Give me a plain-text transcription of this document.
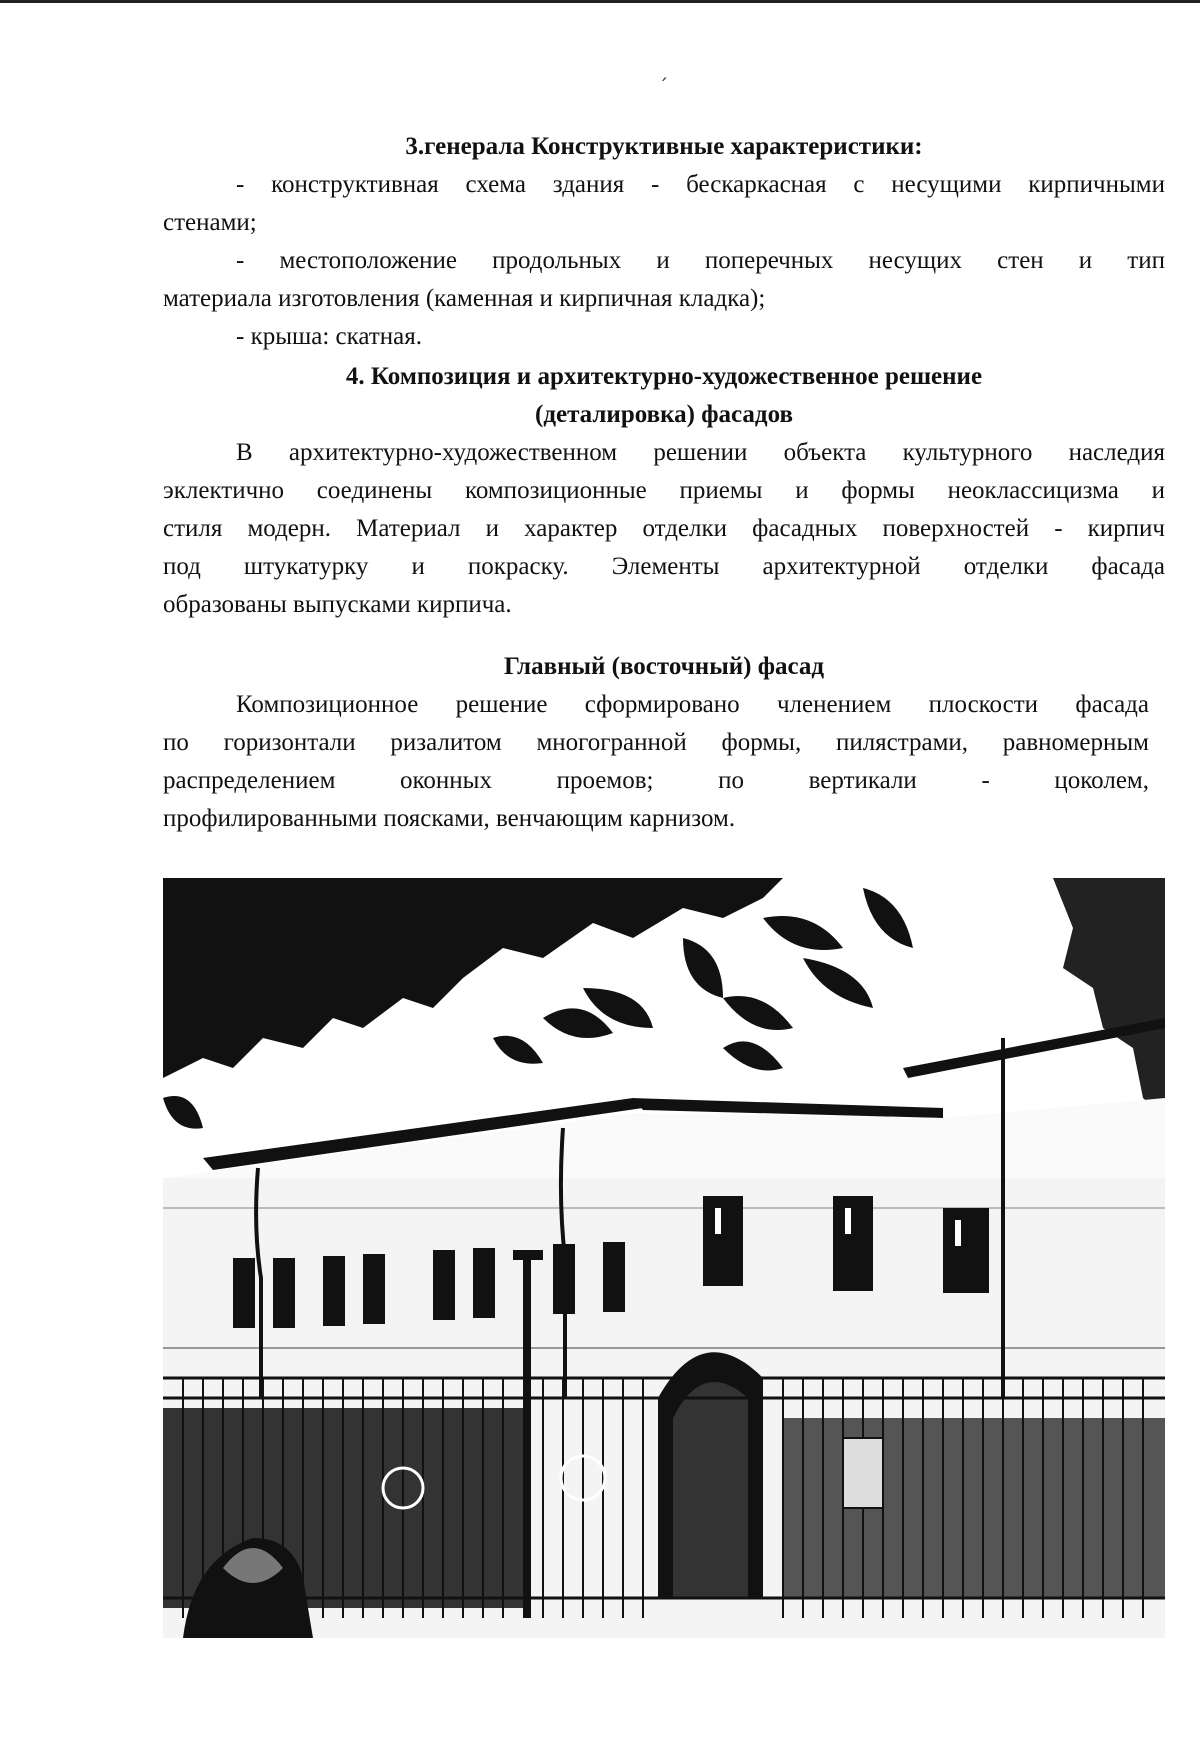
՛
3.генерала Конструктивные характеристики:
- конструктивная схема здания - бескаркасная с несущими кирпичными
стенами;
- местоположение продольных и поперечных несущих стен и тип
материала изготовления (каменная и кирпичная кладка);
- крыша: скатная.
4. Композиция и архитектурно-художественное решение
(деталировка) фасадов
В архитектурно-художественном решении объекта культурного наследия
эклектично соединены композиционные приемы и формы неоклассицизма и
стиля модерн. Материал и характер отделки фасадных поверхностей - кирпич
под штукатурку и покраску. Элементы архитектурной отделки фасада
образованы выпусками кирпича.
Главный (восточный) фасад
Композиционное решение сформировано членением плоскости фасада
по горизонтали ризалитом многогранной формы, пилястрами, равномерным
распределением оконных проемов; по вертикали - цоколем,
профилированными поясками, венчающим карнизом.
